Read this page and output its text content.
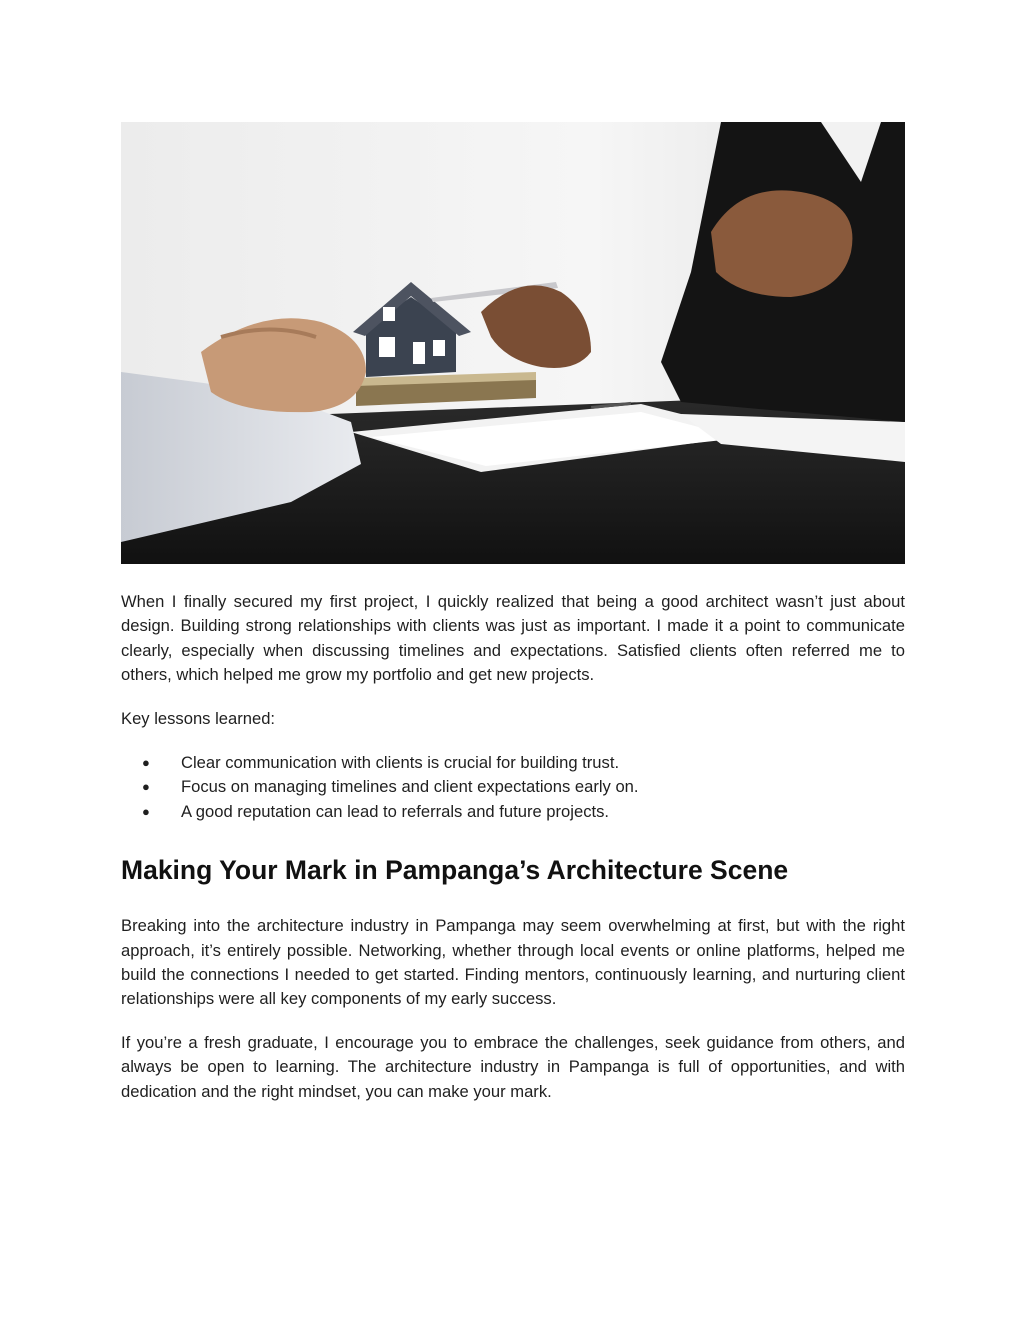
When I finally secured my first project, I quickly realized that being a good architect wasn’t just about design. Building strong relationships with clients was just as important. I made it a point to communicate clearly, especially when discussing timelines and expectations. Satisfied clients often referred me to others, which helped me grow my portfolio and get new projects.

Key lessons learned:

● Clear communication with clients is crucial for building trust.
● Focus on managing timelines and client expectations early on.
● A good reputation can lead to referrals and future projects.
Making Your Mark in Pampanga’s Architecture Scene

Breaking into the architecture industry in Pampanga may seem overwhelming at first, but with the right approach, it’s entirely possible. Networking, whether through local events or online platforms, helped me build the connections I needed to get started. Finding mentors, continuously learning, and nurturing client relationships were all key components of my early success.

If you’re a fresh graduate, I encourage you to embrace the challenges, seek guidance from others, and always be open to learning. The architecture industry in Pampanga is full of opportunities, and with dedication and the right mindset, you can make your mark.
